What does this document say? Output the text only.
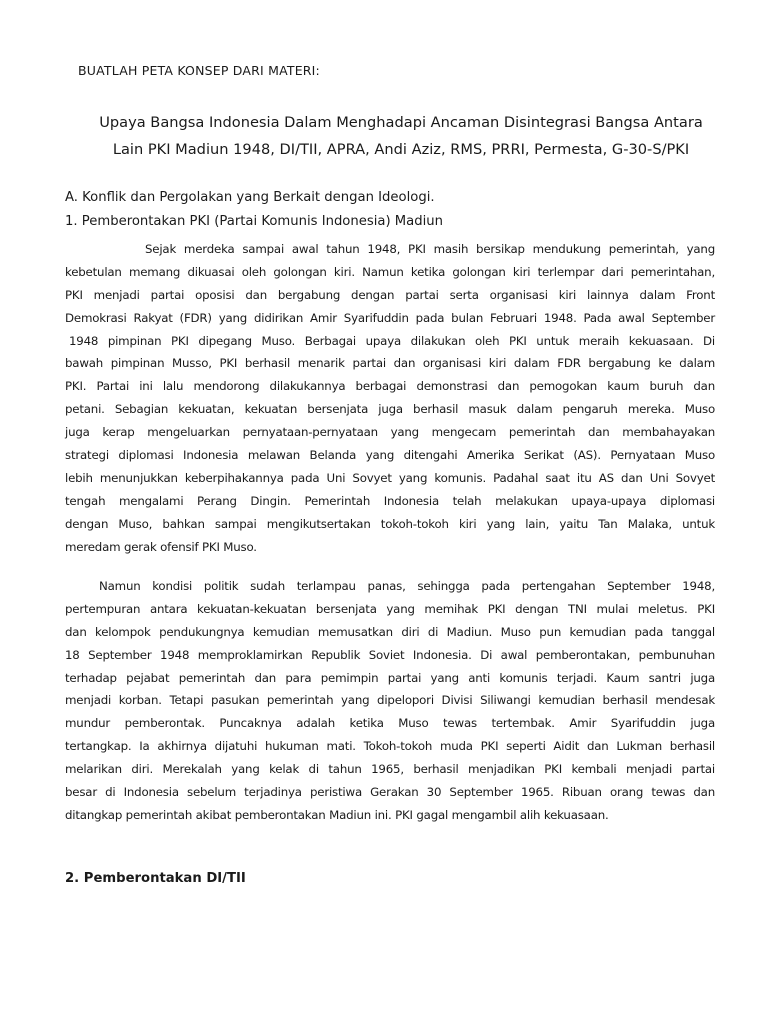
BUATLAH PETA KONSEP DARI MATERI:
Upaya Bangsa Indonesia Dalam Menghadapi Ancaman Disintegrasi Bangsa Antara
Lain PKI Madiun 1948, DI/TII, APRA, Andi Aziz, RMS, PRRI, Permesta, G-30-S/PKI
A. Konflik dan Pergolakan yang Berkait dengan Ideologi.
1. Pemberontakan PKI (Partai Komunis Indonesia) Madiun
Sejak merdeka sampai awal tahun 1948, PKI masih bersikap mendukung pemerintah, yang
kebetulan memang dikuasai oleh golongan kiri. Namun ketika golongan kiri terlempar dari pemerintahan,
PKI menjadi partai oposisi dan bergabung dengan partai serta organisasi kiri lainnya dalam Front
Demokrasi Rakyat (FDR) yang didirikan Amir Syarifuddin pada bulan Februari 1948. Pada awal September
1948 pimpinan PKI dipegang Muso. Berbagai upaya dilakukan oleh PKI untuk meraih kekuasaan. Di
bawah pimpinan Musso, PKI berhasil menarik partai dan organisasi kiri dalam FDR bergabung ke dalam
PKI. Partai ini lalu mendorong dilakukannya berbagai demonstrasi dan pemogokan kaum buruh dan
petani. Sebagian kekuatan, kekuatan bersenjata juga berhasil masuk dalam pengaruh mereka. Muso
juga kerap mengeluarkan pernyataan-pernyataan yang mengecam pemerintah dan membahayakan
strategi diplomasi Indonesia melawan Belanda yang ditengahi Amerika Serikat (AS). Pernyataan Muso
lebih menunjukkan keberpihakannya pada Uni Sovyet yang komunis. Padahal saat itu AS dan Uni Sovyet
tengah mengalami Perang Dingin. Pemerintah Indonesia telah melakukan upaya-upaya diplomasi
dengan Muso, bahkan sampai mengikutsertakan tokoh-tokoh kiri yang lain, yaitu Tan Malaka, untuk
meredam gerak ofensif PKI Muso.
Namun kondisi politik sudah terlampau panas, sehingga pada pertengahan September 1948,
pertempuran antara kekuatan-kekuatan bersenjata yang memihak PKI dengan TNI mulai meletus. PKI
dan kelompok pendukungnya kemudian memusatkan diri di Madiun. Muso pun kemudian pada tanggal
18 September 1948 memproklamirkan Republik Soviet Indonesia. Di awal pemberontakan, pembunuhan
terhadap pejabat pemerintah dan para pemimpin partai yang anti komunis terjadi. Kaum santri juga
menjadi korban. Tetapi pasukan pemerintah yang dipelopori Divisi Siliwangi kemudian berhasil mendesak
mundur pemberontak. Puncaknya adalah ketika Muso tewas tertembak. Amir Syarifuddin juga
tertangkap. Ia akhirnya dijatuhi hukuman mati. Tokoh-tokoh muda PKI seperti Aidit dan Lukman berhasil
melarikan diri. Merekalah yang kelak di tahun 1965, berhasil menjadikan PKI kembali menjadi partai
besar di Indonesia sebelum terjadinya peristiwa Gerakan 30 September 1965. Ribuan orang tewas dan
ditangkap pemerintah akibat pemberontakan Madiun ini. PKI gagal mengambil alih kekuasaan.
2. Pemberontakan DI/TII
